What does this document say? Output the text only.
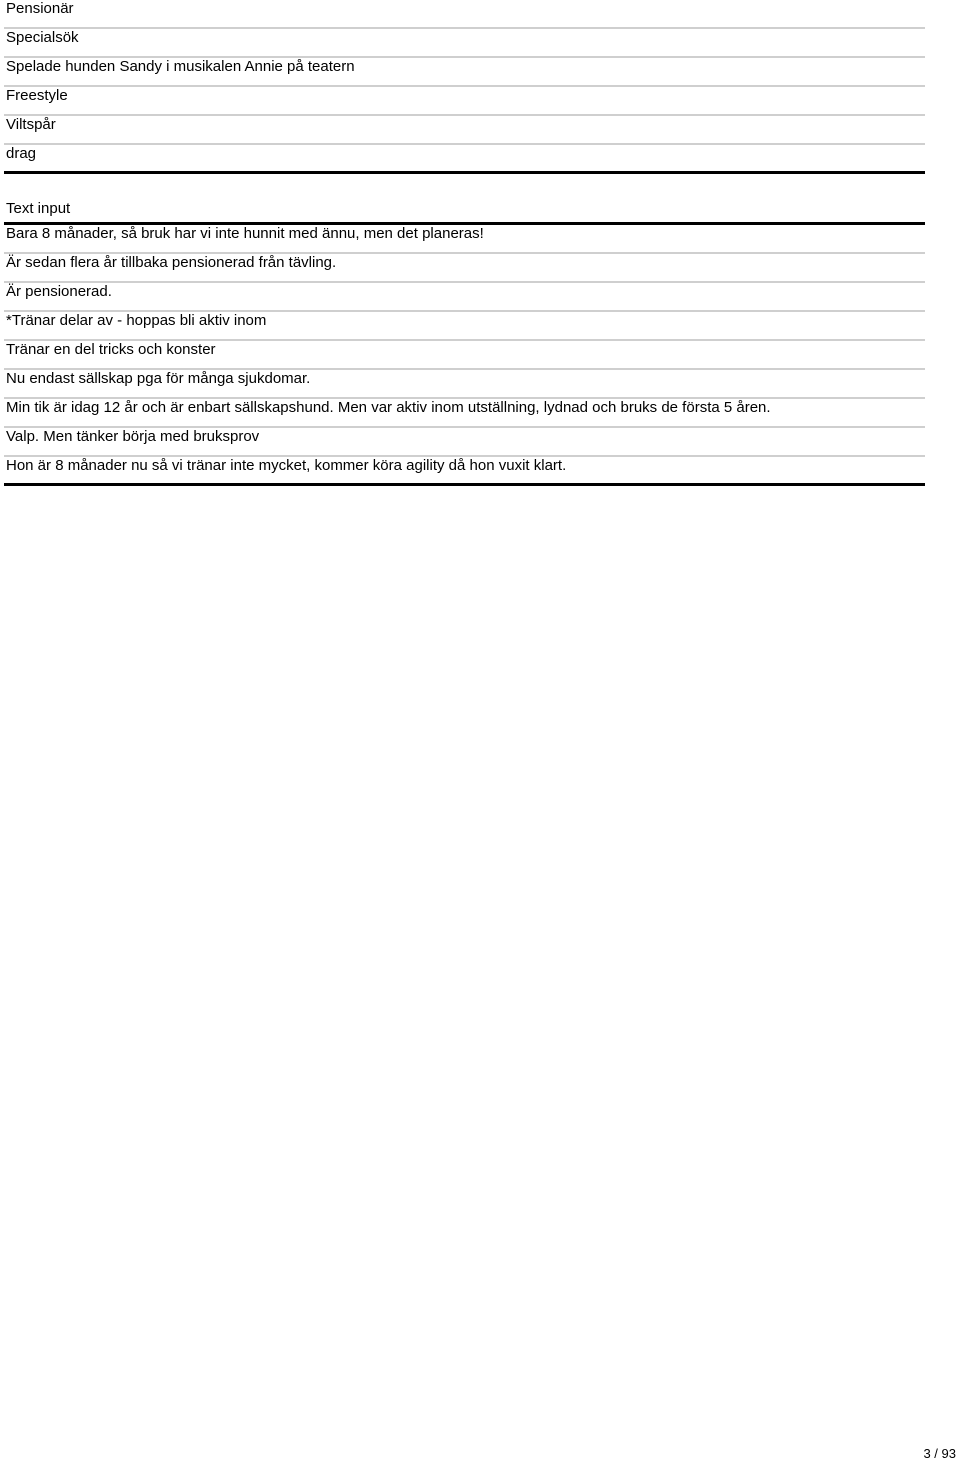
Pensionär
Specialsök
Spelade hunden Sandy i musikalen Annie på teatern
Freestyle
Viltspår
drag
Text input
Bara 8 månader, så bruk har vi inte hunnit med ännu, men det planeras!
Är sedan flera år tillbaka pensionerad från tävling.
Är pensionerad.
*Tränar delar av - hoppas bli aktiv inom
Tränar en del tricks och konster
Nu endast sällskap pga för många sjukdomar.
Min tik är idag 12 år och är enbart sällskapshund. Men var aktiv inom utställning, lydnad och bruks de första 5 åren.
Valp. Men tänker börja med bruksprov
Hon är 8 månader nu så vi tränar inte mycket, kommer köra agility då hon vuxit klart.
3 / 93
